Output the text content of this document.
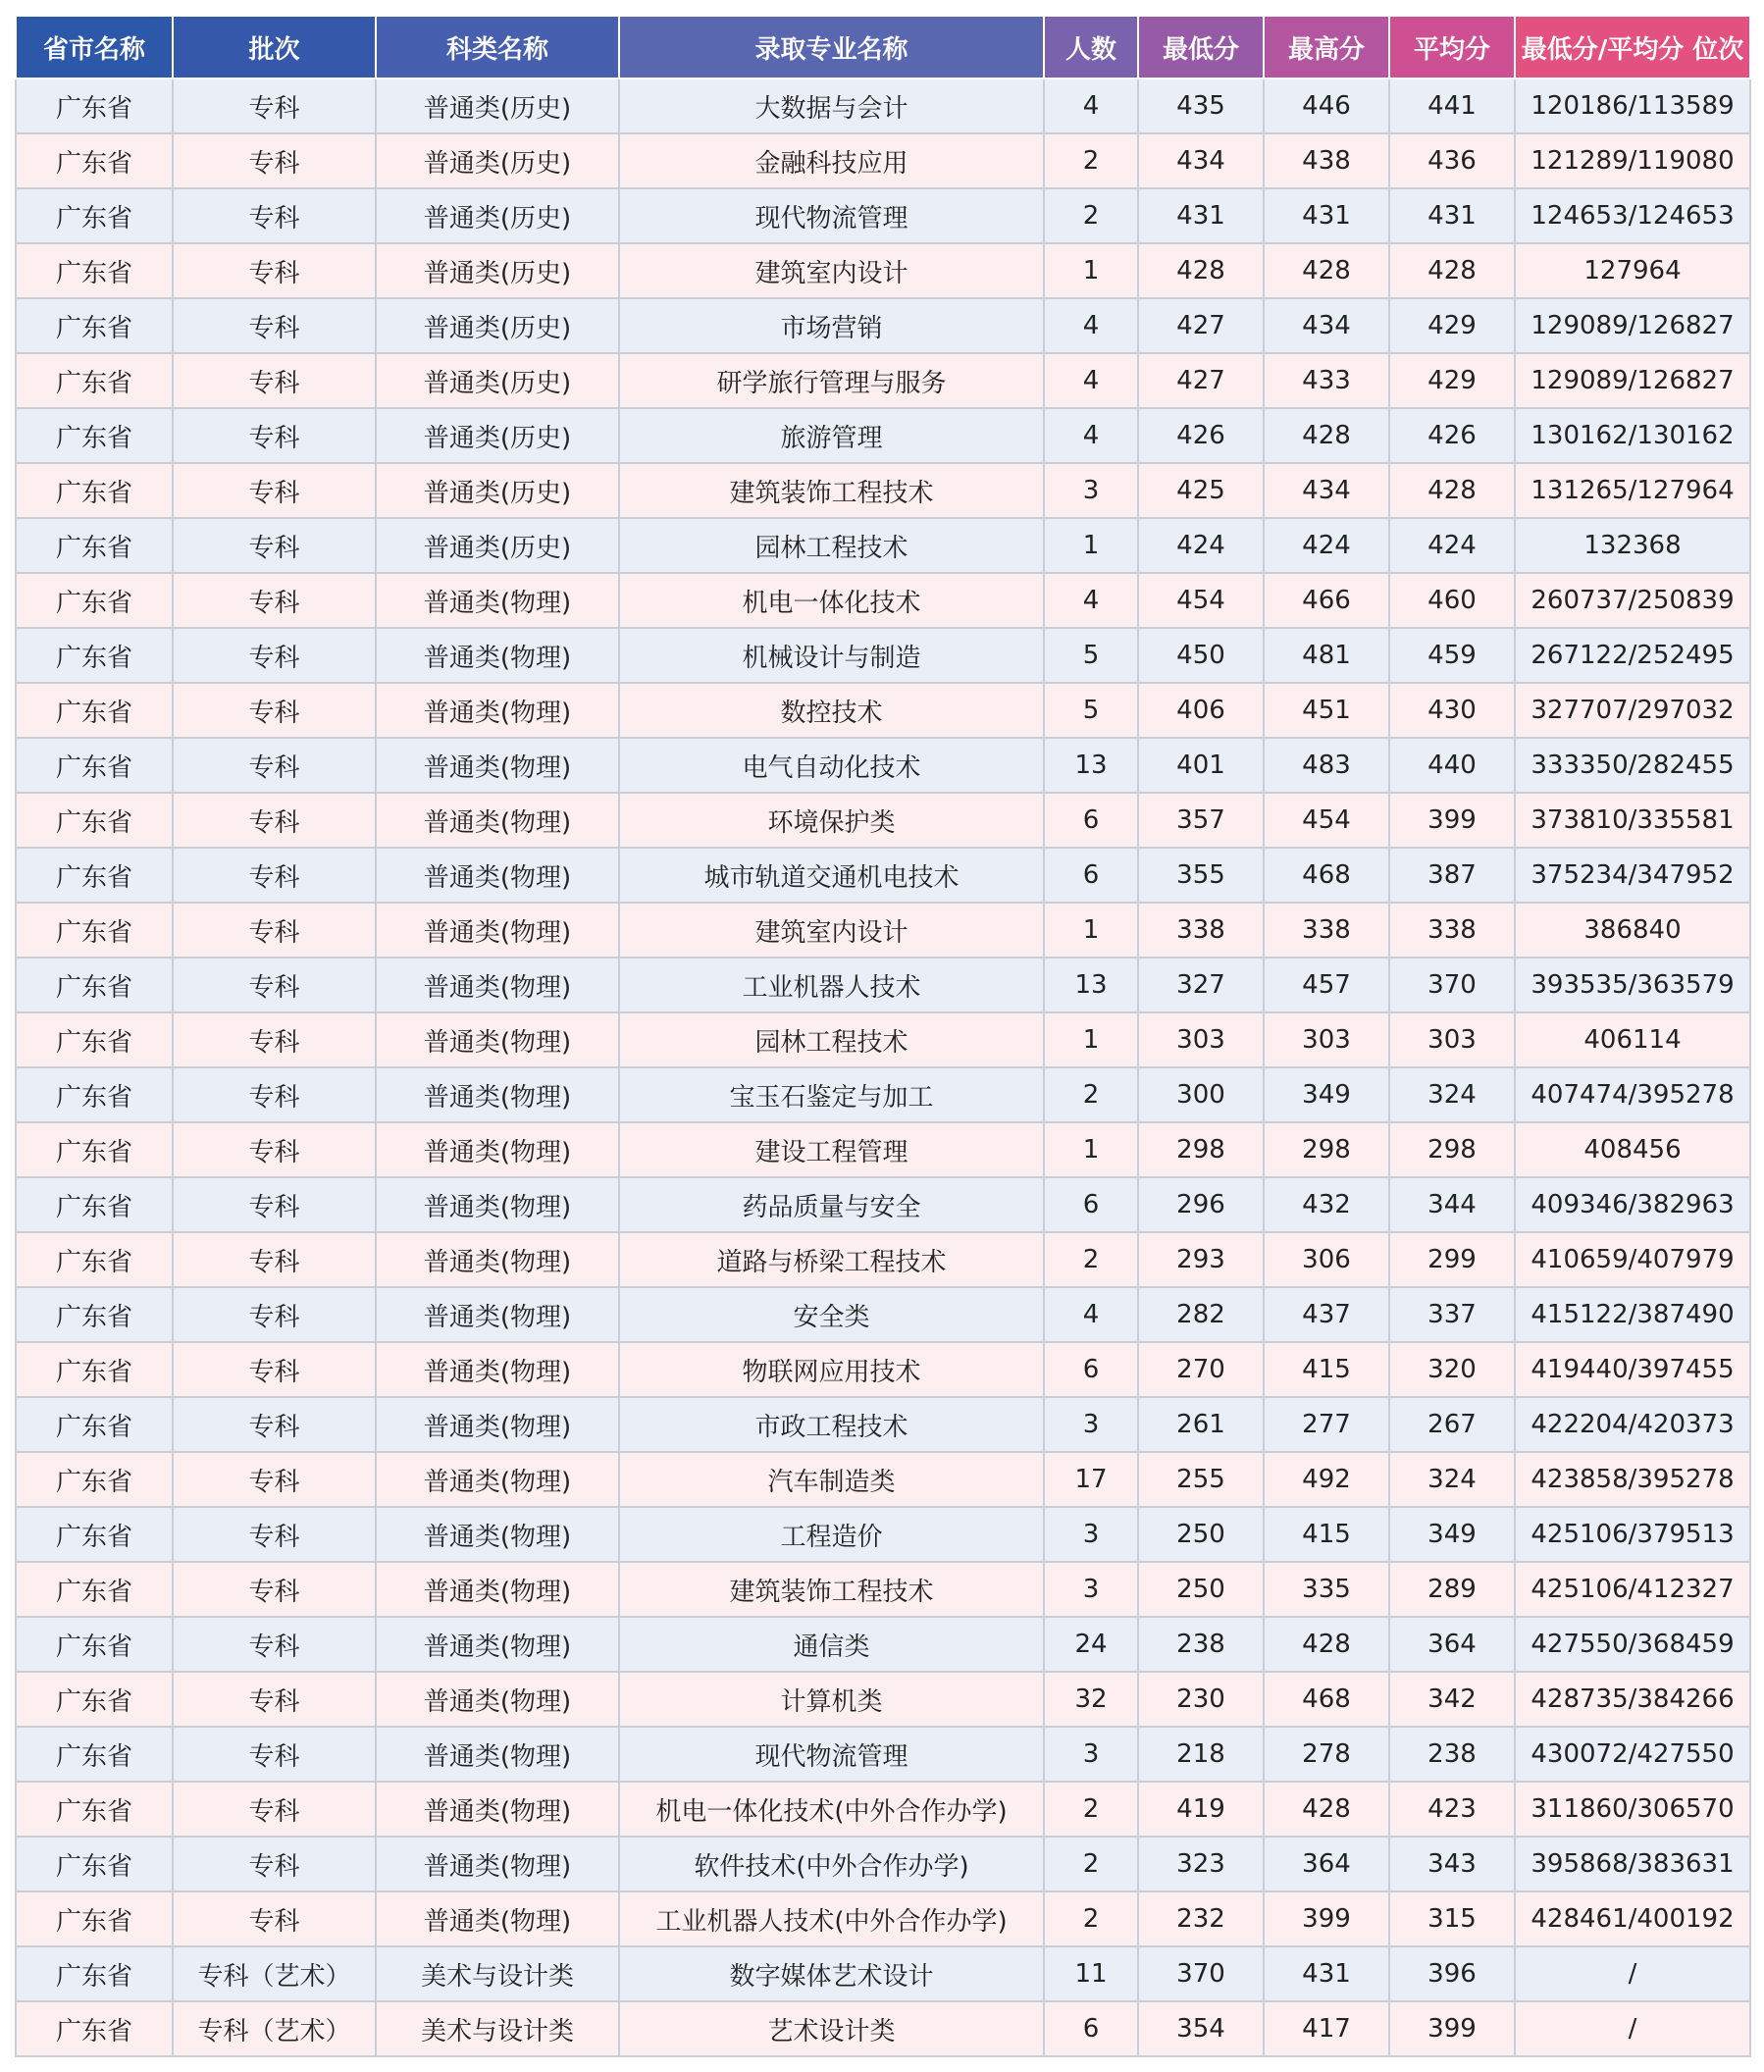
省市名称	批次	科类名称	录取专业名称	人数	最低分	最高分	平均分	最低分/平均分 位次
广东省	专科	普通类(历史)	大数据与会计	4	435	446	441	120186/113589
广东省	专科	普通类(历史)	金融科技应用	2	434	438	436	121289/119080
广东省	专科	普通类(历史)	现代物流管理	2	431	431	431	124653/124653
广东省	专科	普通类(历史)	建筑室内设计	1	428	428	428	127964
广东省	专科	普通类(历史)	市场营销	4	427	434	429	129089/126827
广东省	专科	普通类(历史)	研学旅行管理与服务	4	427	433	429	129089/126827
广东省	专科	普通类(历史)	旅游管理	4	426	428	426	130162/130162
广东省	专科	普通类(历史)	建筑装饰工程技术	3	425	434	428	131265/127964
广东省	专科	普通类(历史)	园林工程技术	1	424	424	424	132368
广东省	专科	普通类(物理)	机电一体化技术	4	454	466	460	260737/250839
广东省	专科	普通类(物理)	机械设计与制造	5	450	481	459	267122/252495
广东省	专科	普通类(物理)	数控技术	5	406	451	430	327707/297032
广东省	专科	普通类(物理)	电气自动化技术	13	401	483	440	333350/282455
广东省	专科	普通类(物理)	环境保护类	6	357	454	399	373810/335581
广东省	专科	普通类(物理)	城市轨道交通机电技术	6	355	468	387	375234/347952
广东省	专科	普通类(物理)	建筑室内设计	1	338	338	338	386840
广东省	专科	普通类(物理)	工业机器人技术	13	327	457	370	393535/363579
广东省	专科	普通类(物理)	园林工程技术	1	303	303	303	406114
广东省	专科	普通类(物理)	宝玉石鉴定与加工	2	300	349	324	407474/395278
广东省	专科	普通类(物理)	建设工程管理	1	298	298	298	408456
广东省	专科	普通类(物理)	药品质量与安全	6	296	432	344	409346/382963
广东省	专科	普通类(物理)	道路与桥梁工程技术	2	293	306	299	410659/407979
广东省	专科	普通类(物理)	安全类	4	282	437	337	415122/387490
广东省	专科	普通类(物理)	物联网应用技术	6	270	415	320	419440/397455
广东省	专科	普通类(物理)	市政工程技术	3	261	277	267	422204/420373
广东省	专科	普通类(物理)	汽车制造类	17	255	492	324	423858/395278
广东省	专科	普通类(物理)	工程造价	3	250	415	349	425106/379513
广东省	专科	普通类(物理)	建筑装饰工程技术	3	250	335	289	425106/412327
广东省	专科	普通类(物理)	通信类	24	238	428	364	427550/368459
广东省	专科	普通类(物理)	计算机类	32	230	468	342	428735/384266
广东省	专科	普通类(物理)	现代物流管理	3	218	278	238	430072/427550
广东省	专科	普通类(物理)	机电一体化技术(中外合作办学)	2	419	428	423	311860/306570
广东省	专科	普通类(物理)	软件技术(中外合作办学)	2	323	364	343	395868/383631
广东省	专科	普通类(物理)	工业机器人技术(中外合作办学)	2	232	399	315	428461/400192
广东省	专科（艺术）	美术与设计类	数字媒体艺术设计	11	370	431	396	/
广东省	专科（艺术）	美术与设计类	艺术设计类	6	354	417	399	/
